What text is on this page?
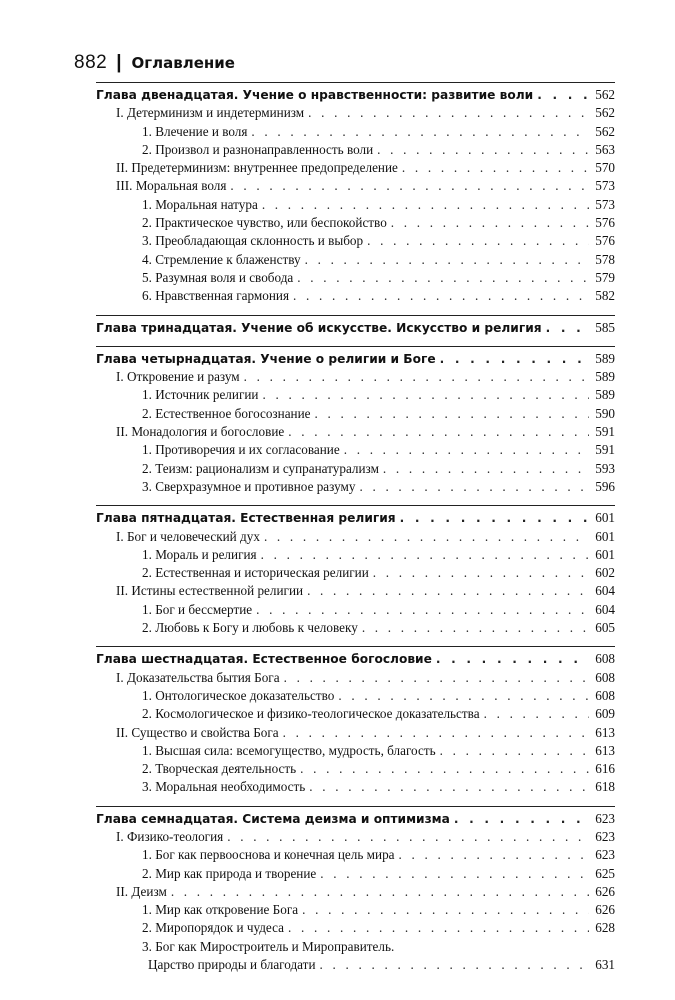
882 | Оглавление
Глава двенадцатая. Учение о нравственности: развитие воли . . .	562
I. Детерминизм и индетерминизм . . .	562
1. Влечение и воля . . .	562
2. Произвол и разнонаправленность воли . . .	563
II. Предетерминизм: внутреннее предопределение . . .	570
III. Моральная воля . . .	573
1. Моральная натура . . .	573
2. Практическое чувство, или беспокойство . . .	576
3. Преобладающая склонность и выбор . . .	576
4. Стремление к блаженству . . .	578
5. Разумная воля и свобода . . .	579
6. Нравственная гармония . . .	582
Глава тринадцатая. Учение об искусстве. Искусство и религия . . .	585
Глава четырнадцатая. Учение о религии и Боге . . .	589
I. Откровение и разум . . .	589
1. Источник религии . . .	589
2. Естественное богосознание . . .	590
II. Монадология и богословие . . .	591
1. Противоречия и их согласование . . .	591
2. Теизм: рационализм и супранатурализм . . .	593
3. Сверхразумное и противное разуму . . .	596
Глава пятнадцатая. Естественная религия . . .	601
I. Бог и человеческий дух . . .	601
1. Мораль и религия . . .	601
2. Естественная и историческая религии . . .	602
II. Истины естественной религии . . .	604
1. Бог и бессмертие . . .	604
2. Любовь к Богу и любовь к человеку . . .	605
Глава шестнадцатая. Естественное богословие . . .	608
I. Доказательства бытия Бога . . .	608
1. Онтологическое доказательство . . .	608
2. Космологическое и физико-теологическое доказательства . . .	609
II. Существо и свойства Бога . . .	613
1. Высшая сила: всемогущество, мудрость, благость . . .	613
2. Творческая деятельность . . .	616
3. Моральная необходимость . . .	618
Глава семнадцатая. Система деизма и оптимизма . . .	623
I. Физико-теология . . .	623
1. Бог как первооснова и конечная цель мира . . .	623
2. Мир как природа и творение . . .	625
II. Деизм . . .	626
1. Мир как откровение Бога . . .	626
2. Миропорядок и чудеса . . .	628
3. Бог как Миростроитель и Мироправитель.
Царство природы и благодати . . .	631
